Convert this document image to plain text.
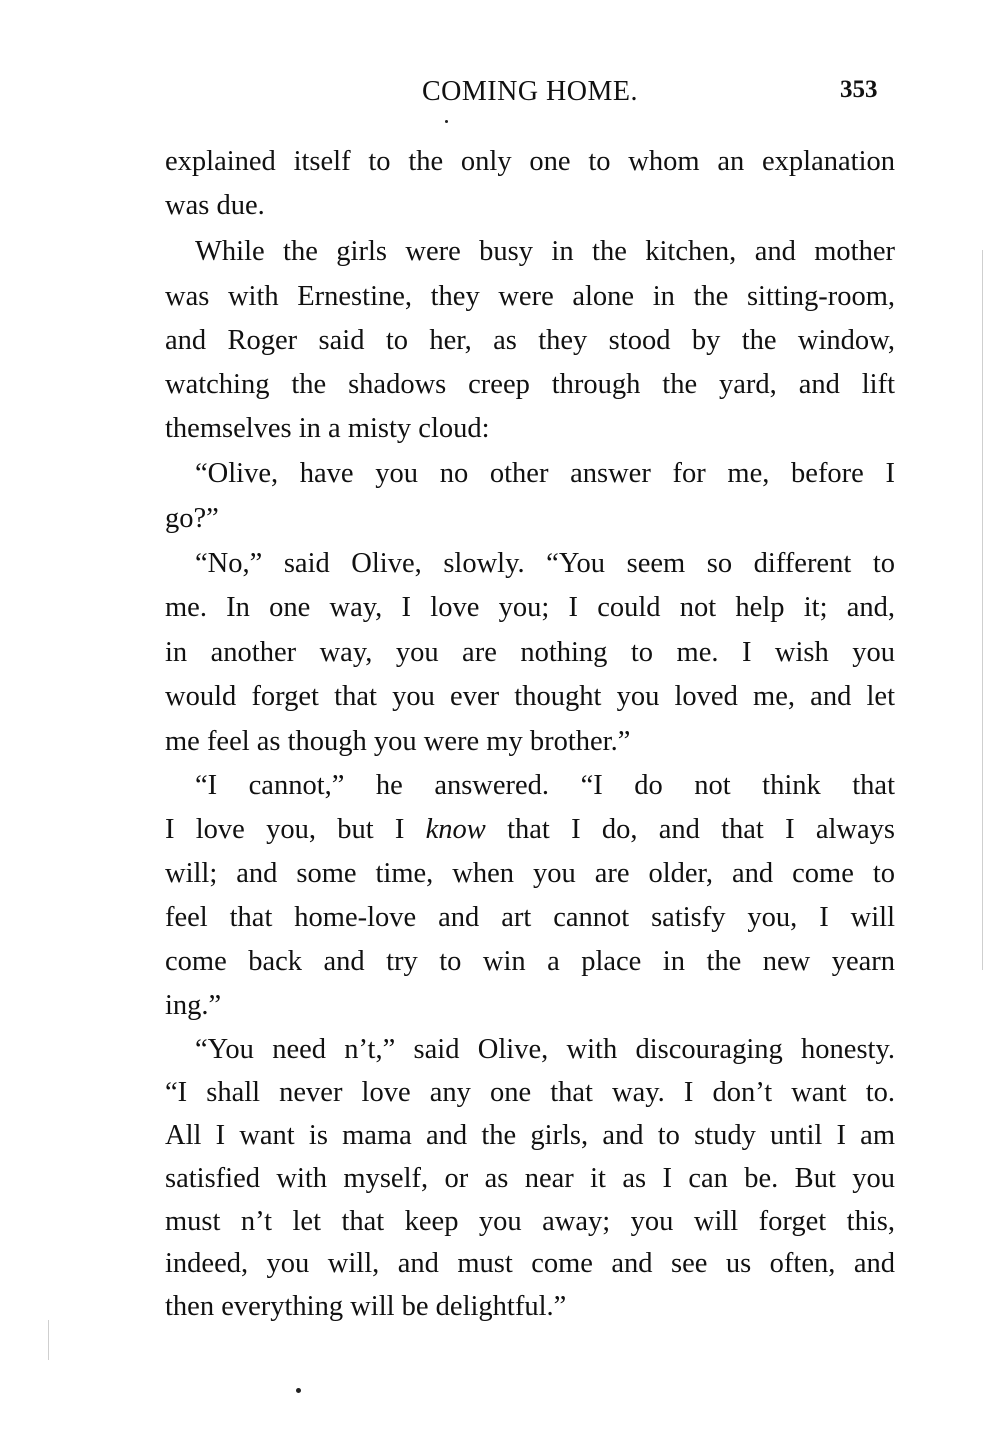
COMING HOME.	353
explained itself to the only one to whom an explanation
was due.
While the girls were busy in the kitchen, and mother
was with Ernestine, they were alone in the sitting-room,
and Roger said to her, as they stood by the window,
watching the shadows creep through the yard, and lift
themselves in a misty cloud:
“Olive, have you no other answer for me, before I
go?”
“No,” said Olive, slowly. “You seem so different to
me. In one way, I love you; I could not help it; and,
in another way, you are nothing to me. I wish you
would forget that you ever thought you loved me, and let
me feel as though you were my brother.”
“I cannot,” he answered. “I do not think that
I love you, but I know that I do, and that I always
will; and some time, when you are older, and come to
feel that home-love and art cannot satisfy you, I will
come back and try to win a place in the new yearn
ing.”
“You need n’t,” said Olive, with discouraging honesty.
“I shall never love any one that way. I don’t want to.
All I want is mama and the girls, and to study until I am
satisfied with myself, or as near it as I can be. But you
must n’t let that keep you away; you will forget this,
indeed, you will, and must come and see us often, and
then everything will be delightful.”
